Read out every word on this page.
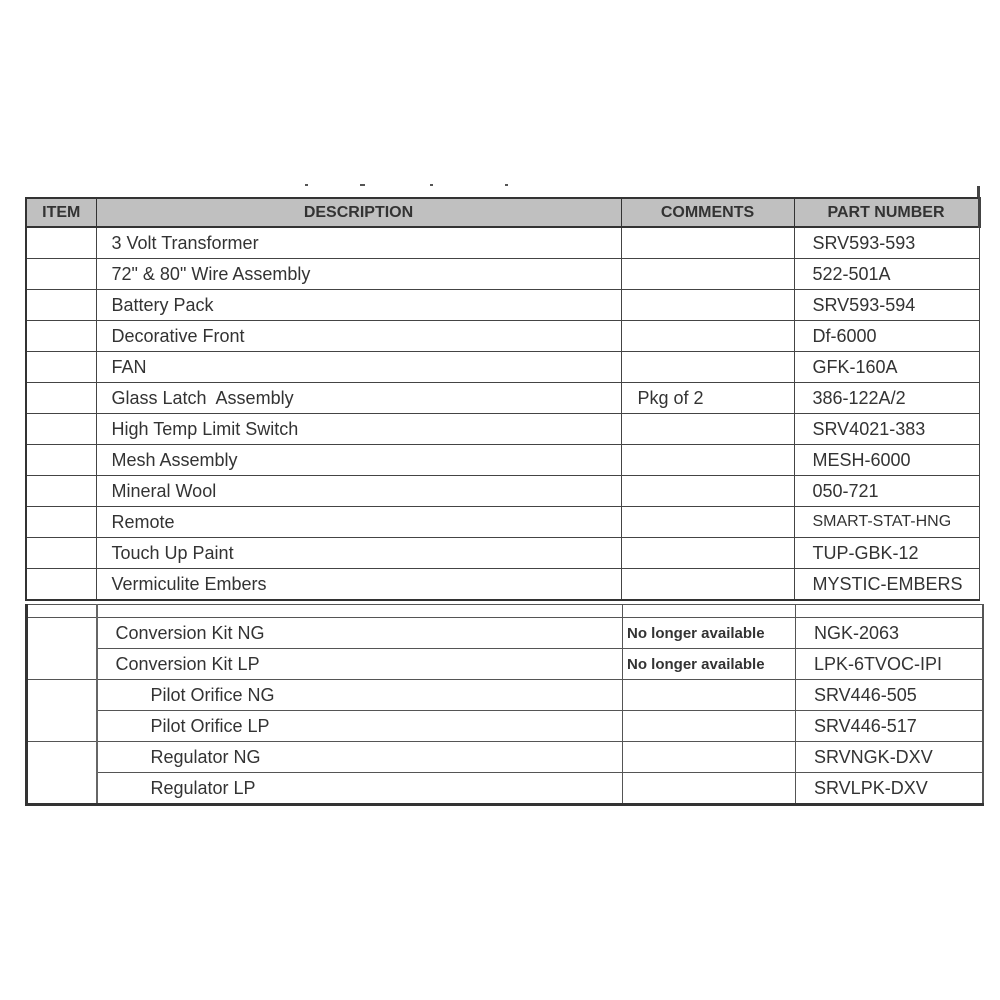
ITEM	DESCRIPTION	COMMENTS	PART NUMBER
	3 Volt Transformer		SRV593-593
	72" & 80" Wire Assembly		522-501A
	Battery Pack		SRV593-594
	Decorative Front		Df-6000
	FAN		GFK-160A
	Glass Latch  Assembly	Pkg of 2	386-122A/2
	High Temp Limit Switch		SRV4021-383
	Mesh Assembly		MESH-6000
	Mineral Wool		050-721
	Remote		SMART-STAT-HNG
	Touch Up Paint		TUP-GBK-12
	Vermiculite Embers		MYSTIC-EMBERS

	Conversion Kit NG	No longer available	NGK-2063
	Conversion Kit LP	No longer available	LPK-6TVOC-IPI
	Pilot Orifice NG		SRV446-505
	Pilot Orifice LP		SRV446-517
	Regulator NG		SRVNGK-DXV
	Regulator LP		SRVLPK-DXV
